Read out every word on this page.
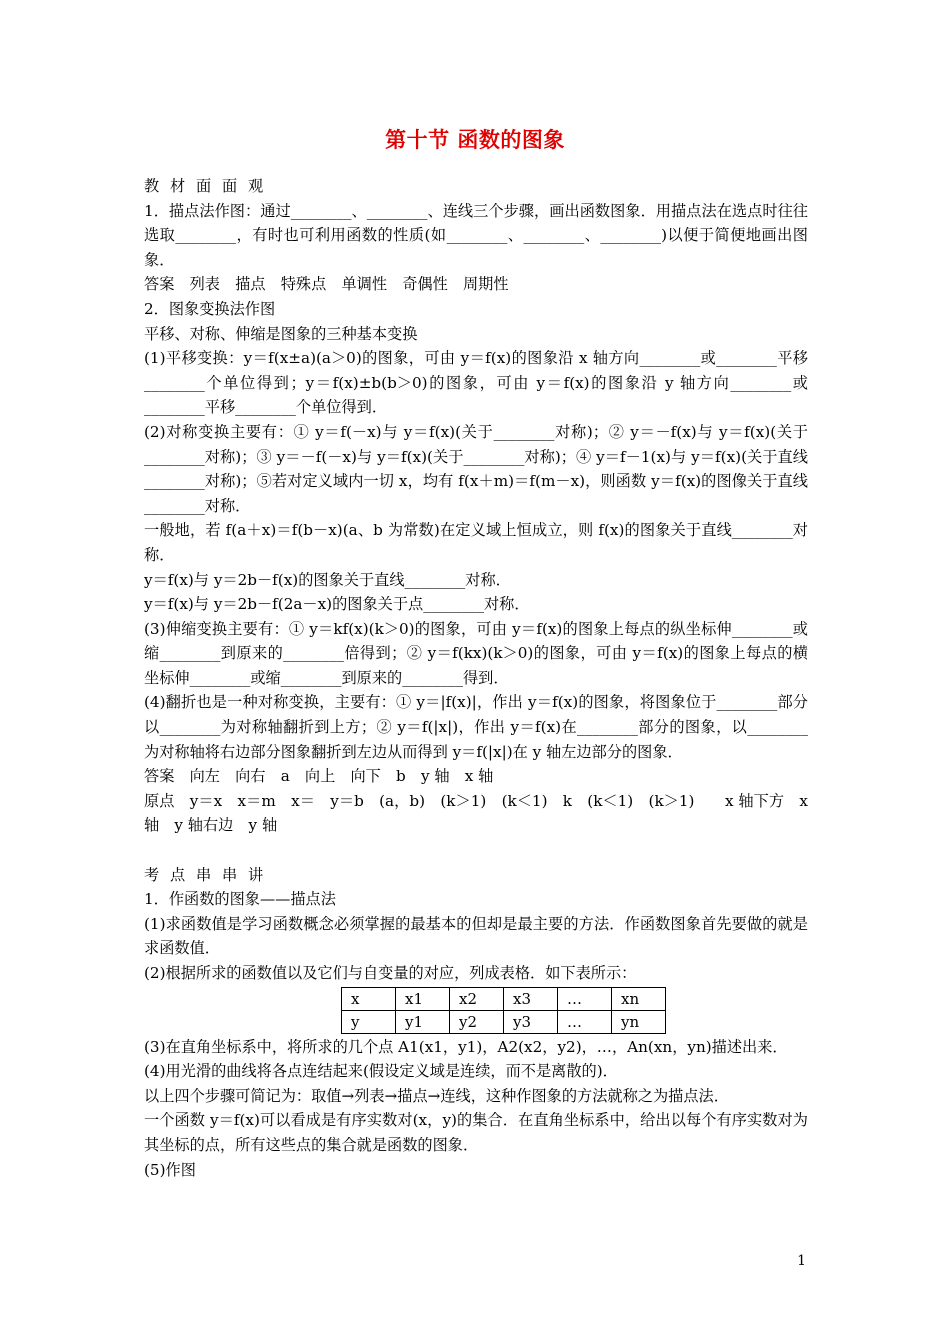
第十节 函数的图象

教 材 面 面 观

1．描点法作图：通过________、________、连线三个步骤，画出函数图象．用描点法在选点时往往选取________，有时也可利用函数的性质(如________、________、________)以便于简便地画出图象．

答案　列表　描点　特殊点　单调性　奇偶性　周期性

2．图象变换法作图

平移、对称、伸缩是图象的三种基本变换

(1)平移变换：y＝f(x±a)(a＞0)的图象，可由 y＝f(x)的图象沿 x 轴方向________或________平移________个单位得到；y＝f(x)±b(b＞0)的图象，可由 y＝f(x)的图象沿 y 轴方向________或________平移________个单位得到．

(2)对称变换主要有：① y＝f(－x)与 y＝f(x)(关于________对称)；② y＝－f(x)与 y＝f(x)(关于________对称)；③ y＝－f(－x)与 y＝f(x)(关于________对称)；④ y＝f－1(x)与 y＝f(x)(关于直线________对称)；⑤若对定义域内一切 x，均有 f(x＋m)＝f(m－x)，则函数 y＝f(x)的图像关于直线________对称．

一般地，若 f(a＋x)＝f(b－x)(a、b 为常数)在定义域上恒成立，则 f(x)的图象关于直线________对称．

y＝f(x)与 y＝2b－f(x)的图象关于直线________对称．

y＝f(x)与 y＝2b－f(2a－x)的图象关于点________对称．

(3)伸缩变换主要有：① y＝kf(x)(k＞0)的图象，可由 y＝f(x)的图象上每点的纵坐标伸________或缩________到原来的________倍得到；② y＝f(kx)(k＞0)的图象，可由 y＝f(x)的图象上每点的横坐标伸________或缩________到原来的________得到．

(4)翻折也是一种对称变换，主要有：① y＝|f(x)|，作出 y＝f(x)的图象，将图象位于________部分以________为对称轴翻折到上方；② y＝f(|x|)，作出 y＝f(x)在________部分的图象，以________为对称轴将右边部分图象翻折到左边从而得到 y＝f(|x|)在 y 轴左边部分的图象．

答案　向左　向右　a　向上　向下　b　y 轴　x 轴

原点　y＝x　x＝m　x＝　y＝b　(a，b)　(k＞1)　(k＜1)　k　(k＜1)　(k＞1)　　x 轴下方　x 轴　y 轴右边　y 轴

考 点 串 串 讲

1．作函数的图象——描点法

(1)求函数值是学习函数概念必须掌握的最基本的但却是最主要的方法．作函数图象首先要做的就是求函数值．

(2)根据所求的函数值以及它们与自变量的对应，列成表格．如下表所示：

x	x1	x2	x3	…	xn
y	y1	y2	y3	…	yn

(3)在直角坐标系中，将所求的几个点 A1(x1，y1)，A2(x2，y2)，…，An(xn，yn)描述出来．

(4)用光滑的曲线将各点连结起来(假设定义域是连续，而不是离散的)．

以上四个步骤可简记为：取值→列表→描点→连线，这种作图象的方法就称之为描点法．

一个函数 y＝f(x)可以看成是有序实数对(x，y)的集合．在直角坐标系中，给出以每个有序实数对为其坐标的点，所有这些点的集合就是函数的图象．

(5)作图

1
